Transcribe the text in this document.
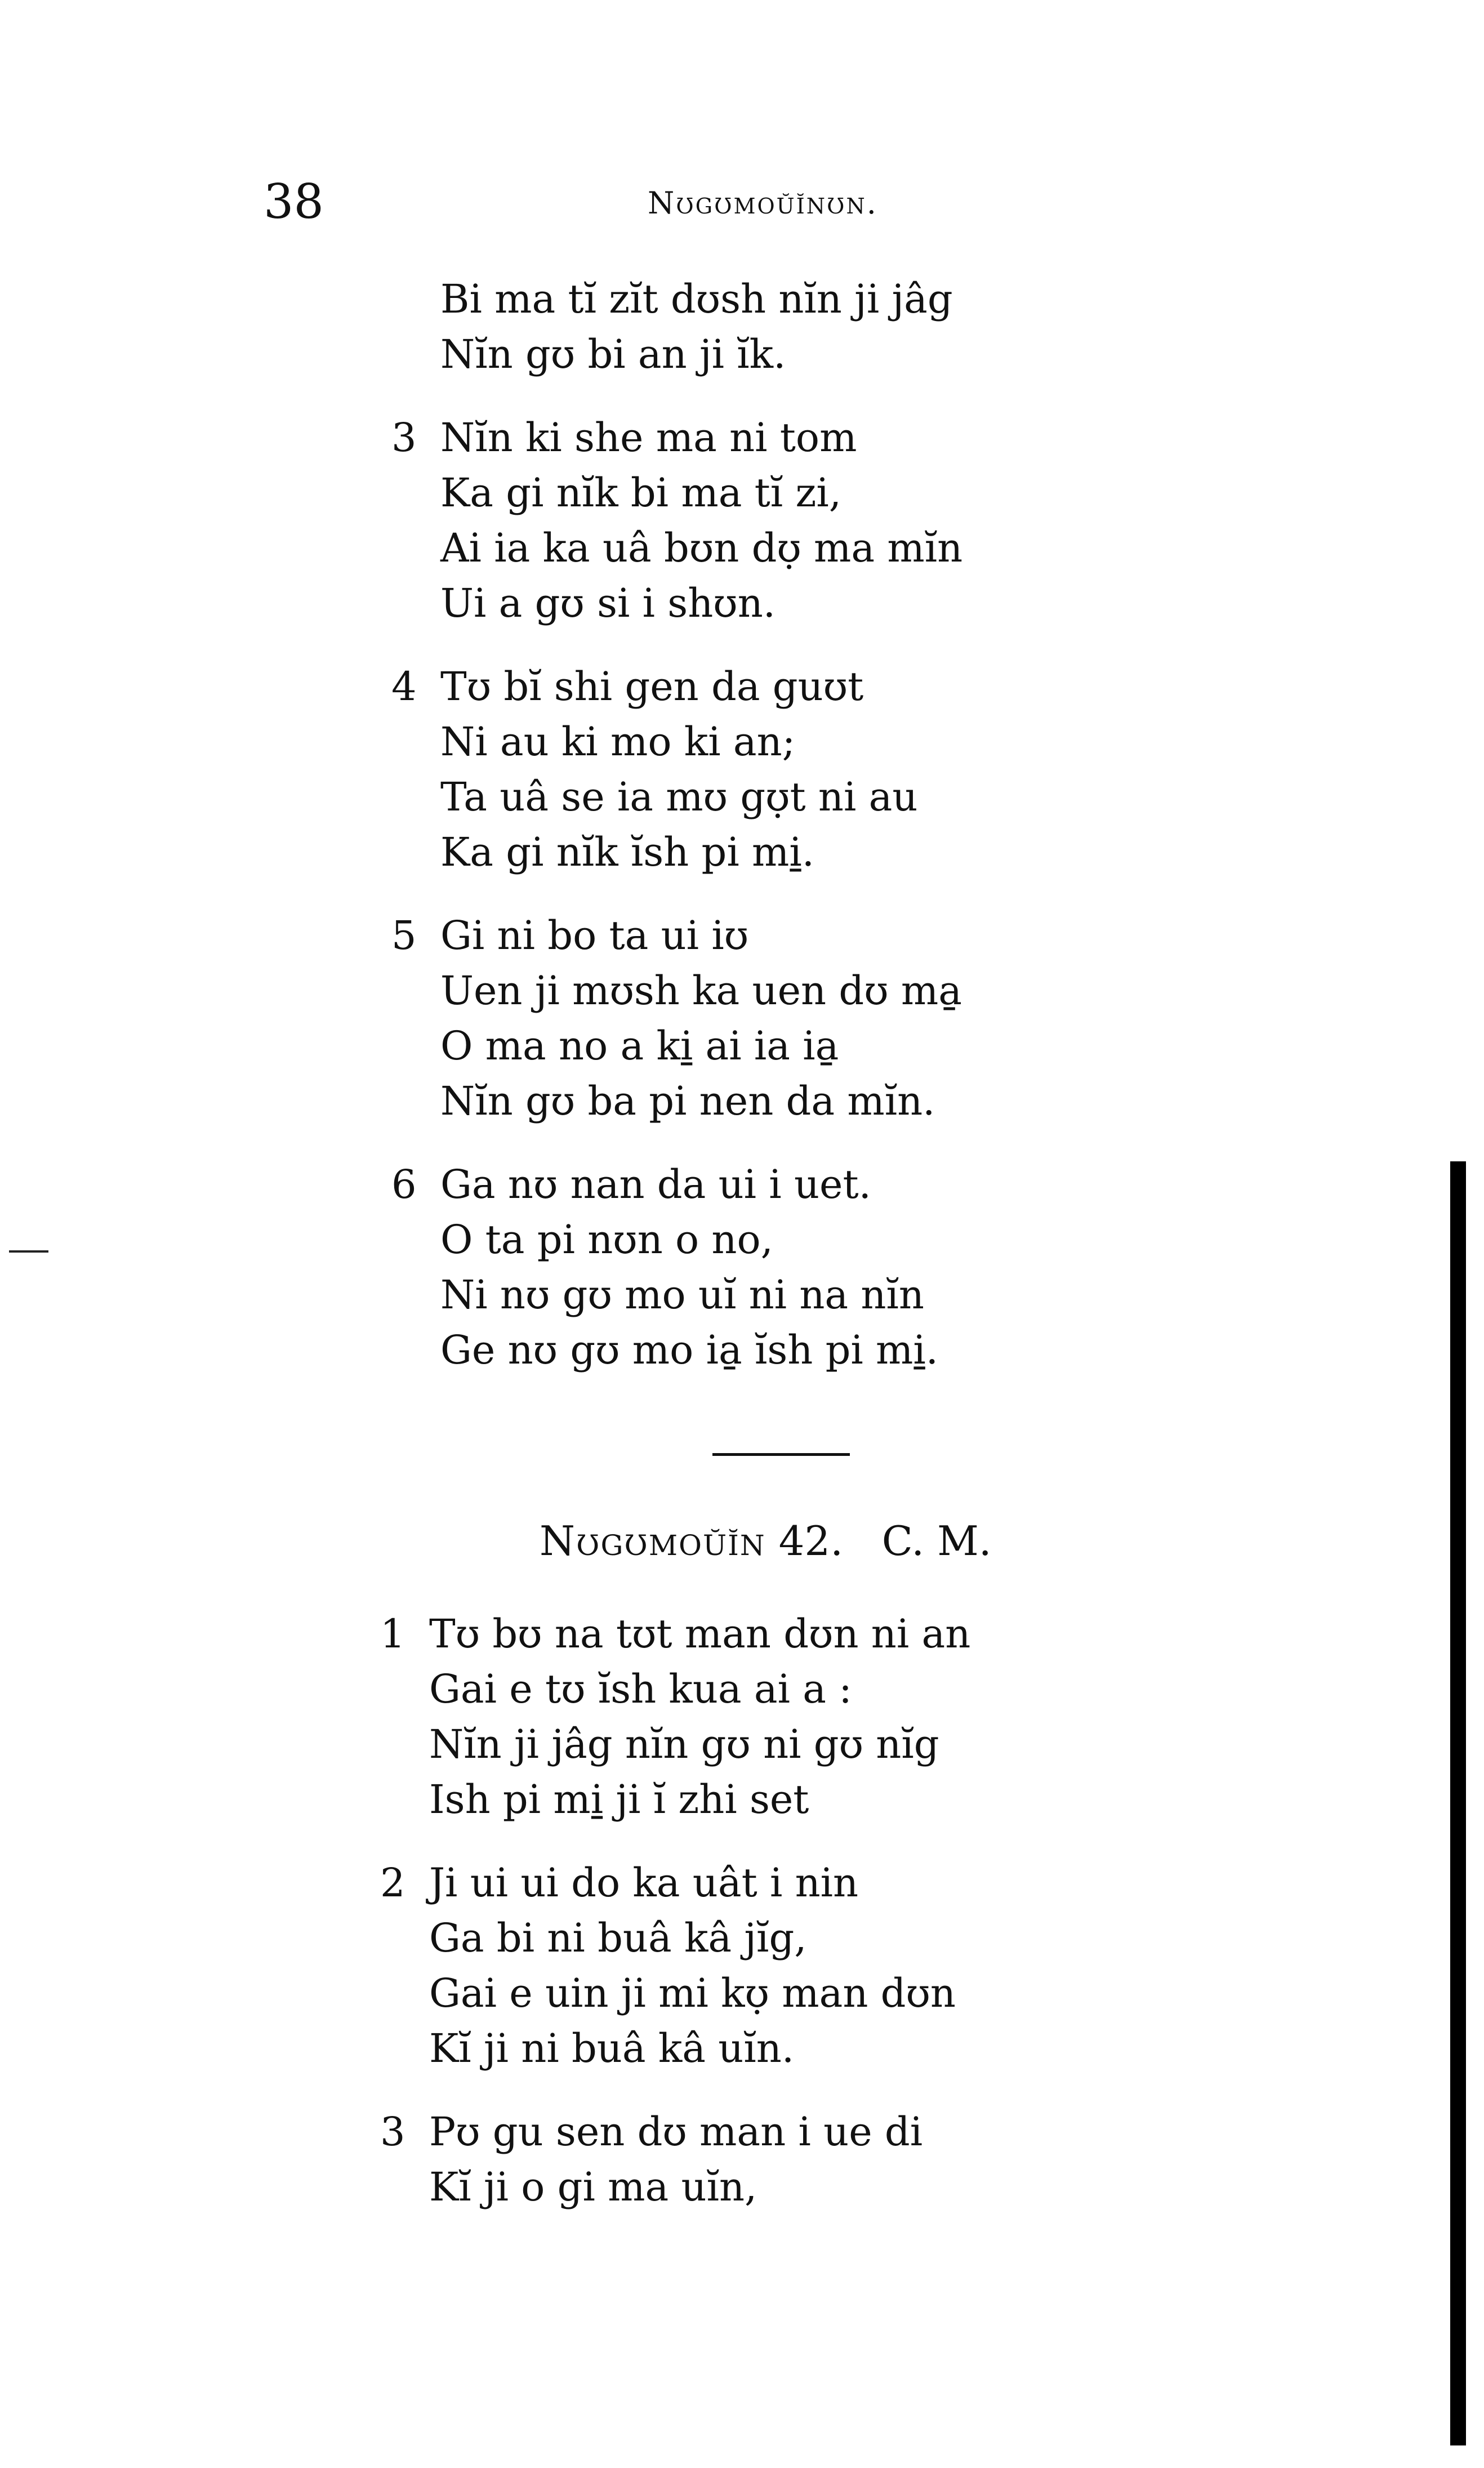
38	Nʊgʊmoŭĭnʊn.
Bi ma tĭ zĭt dʊsh nĭn ji jâg
Nĭn gʊ bi an ji ĭk.
3 Nĭn ki she ma ni tom
Ka gi nĭk bi ma tĭ zi,
Ai ia ka uâ bʊn dʊ̣ ma mĭn
Ui a gʊ si i shʊn.
4 Tʊ bĭ shi gen da guʊt
Ni au ki mo ki an;
Ta uâ se ia mʊ gʊ̣t ni au
Ka gi nĭk ĭsh pi mi̱.
5 Gi ni bo ta ui iʊ
Uen ji mʊsh ka uen dʊ ma̱
O ma no a ki̱ ai ia ia̱
Nĭn gʊ ba pi nen da mĭn.
6 Ga nʊ nan da ui i uet.
O ta pi nʊn o no,
Ni nʊ gʊ mo uĭ ni na nĭn
Ge nʊ gʊ mo ia̱ ĭsh pi mi̱.
Nʊgʊmoŭĭn 42. C. M.
1 Tʊ bʊ na tʊt man dʊn ni an
Gai e tʊ ĭsh kua ai a :
Nĭn ji jâg nĭn gʊ ni gʊ nĭg
Ish pi mi̱ ji ĭ zhi set
2 Ji ui ui do ka uât i nin
Ga bi ni buâ kâ jĭg,
Gai e uin ji mi kʊ̣ man dʊn
Kĭ ji ni buâ kâ uĭn.
3 Pʊ gu sen dʊ man i ue di
Kĭ ji o gi ma uĭn,
